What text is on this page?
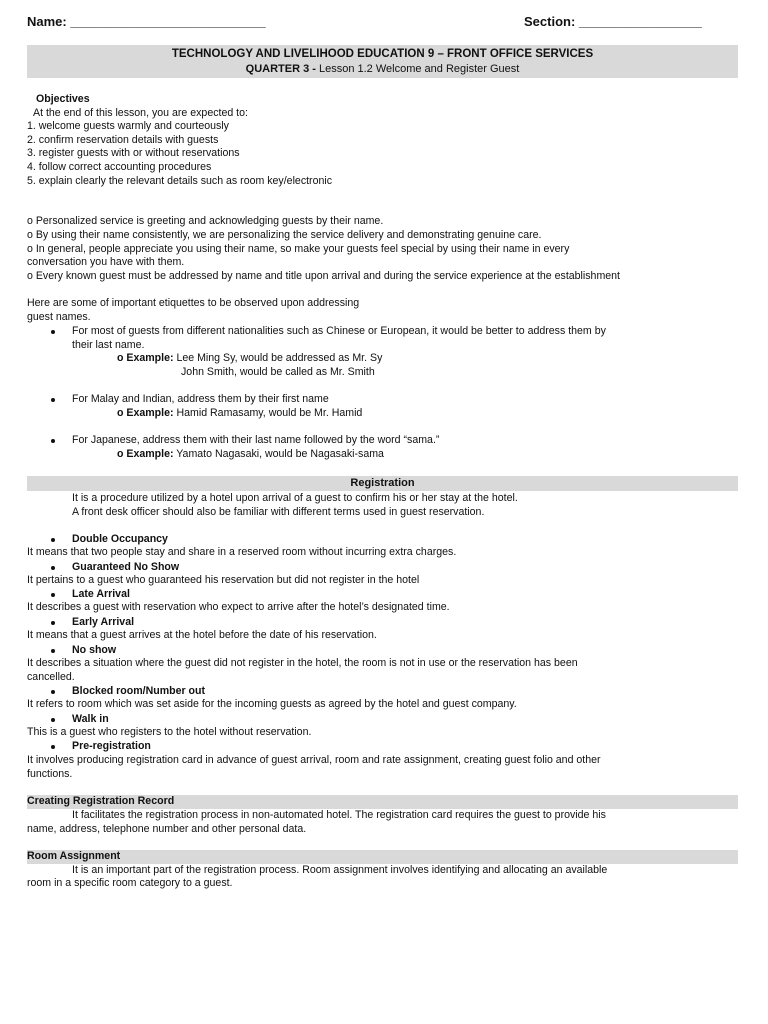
Name: ___________________________	Section: _________________
TECHNOLOGY AND LIVELIHOOD EDUCATION 9 – FRONT OFFICE SERVICES
QUARTER 3 - Lesson 1.2 Welcome and Register Guest
Objectives
At the end of this lesson, you are expected to:
1. welcome guests warmly and courteously
2. confirm reservation details with guests
3. register guests with or without reservations
4. follow correct accounting procedures
5. explain clearly the relevant details such as room key/electronic
o Personalized service is greeting and acknowledging guests by their name.
o By using their name consistently, we are personalizing the service delivery and demonstrating genuine care.
o In general, people appreciate you using their name, so make your guests feel special by using their name in every
conversation you have with them.
o Every known guest must be addressed by name and title upon arrival and during the service experience at the establishment
Here are some of important etiquettes to be observed upon addressing
guest names.
For most of guests from different nationalities such as Chinese or European, it would be better to address them by
their last name.
o Example: Lee Ming Sy, would be addressed as Mr. Sy
John Smith, would be called as Mr. Smith
For Malay and Indian, address them by their first name
o Example: Hamid Ramasamy, would be Mr. Hamid
For Japanese, address them with their last name followed by the word “sama.”
o Example: Yamato Nagasaki, would be Nagasaki-sama
Registration
It is a procedure utilized by a hotel upon arrival of a guest to confirm his or her stay at the hotel.
A front desk officer should also be familiar with different terms used in guest reservation.
Double Occupancy
It means that two people stay and share in a reserved room without incurring extra charges.
Guaranteed No Show
It pertains to a guest who guaranteed his reservation but did not register in the hotel
Late Arrival
It describes a guest with reservation who expect to arrive after the hotel’s designated time.
Early Arrival
It means that a guest arrives at the hotel before the date of his reservation.
No show
It describes a situation where the guest did not register in the hotel, the room is not in use or the reservation has been
cancelled.
Blocked room/Number out
It refers to room which was set aside for the incoming guests as agreed by the hotel and guest company.
Walk in
This is a guest who registers to the hotel without reservation.
Pre-registration
It involves producing registration card in advance of guest arrival, room and rate assignment, creating guest folio and other
functions.
Creating Registration Record
It facilitates the registration process in non-automated hotel. The registration card requires the guest to provide his
name, address, telephone number and other personal data.
Room Assignment
It is an important part of the registration process. Room assignment involves identifying and allocating an available
room in a specific room category to a guest.
